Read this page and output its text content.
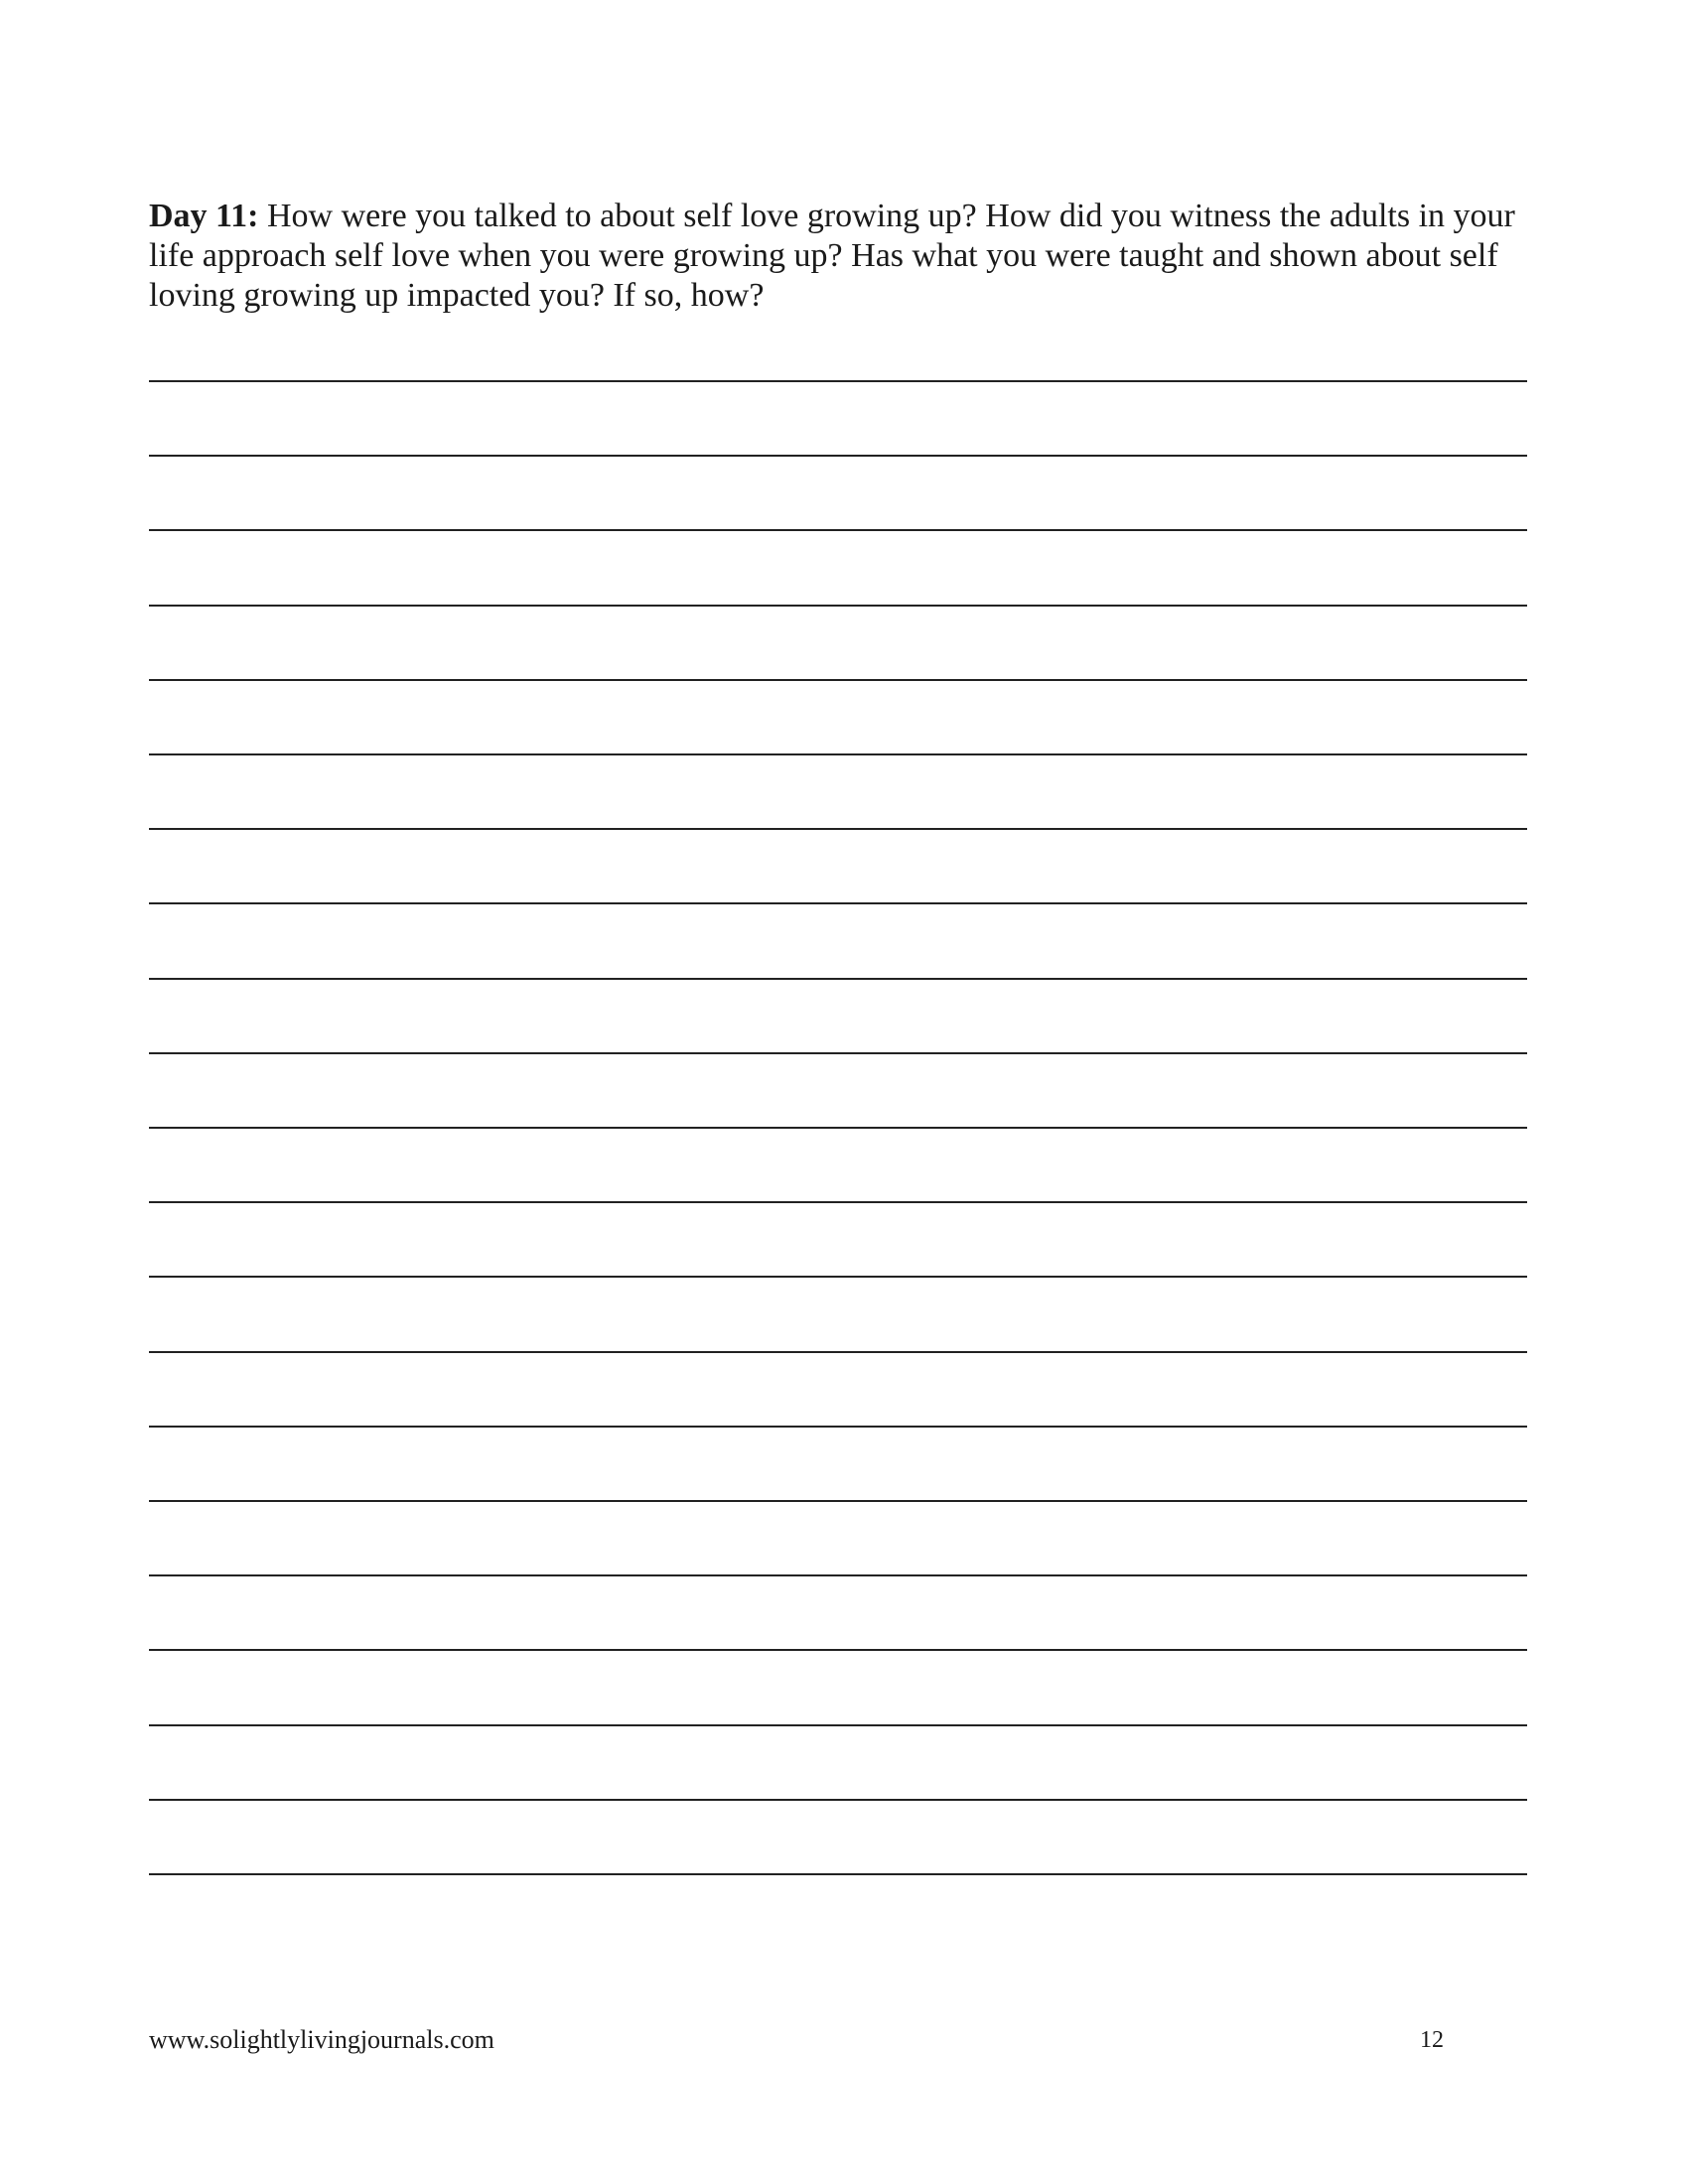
Day 11: How were you talked to about self love growing up? How did you witness the adults in your life approach self love when you were growing up? Has what you were taught and shown about self loving growing up impacted you? If so, how?

www.solightlylivingjournals.com	12
